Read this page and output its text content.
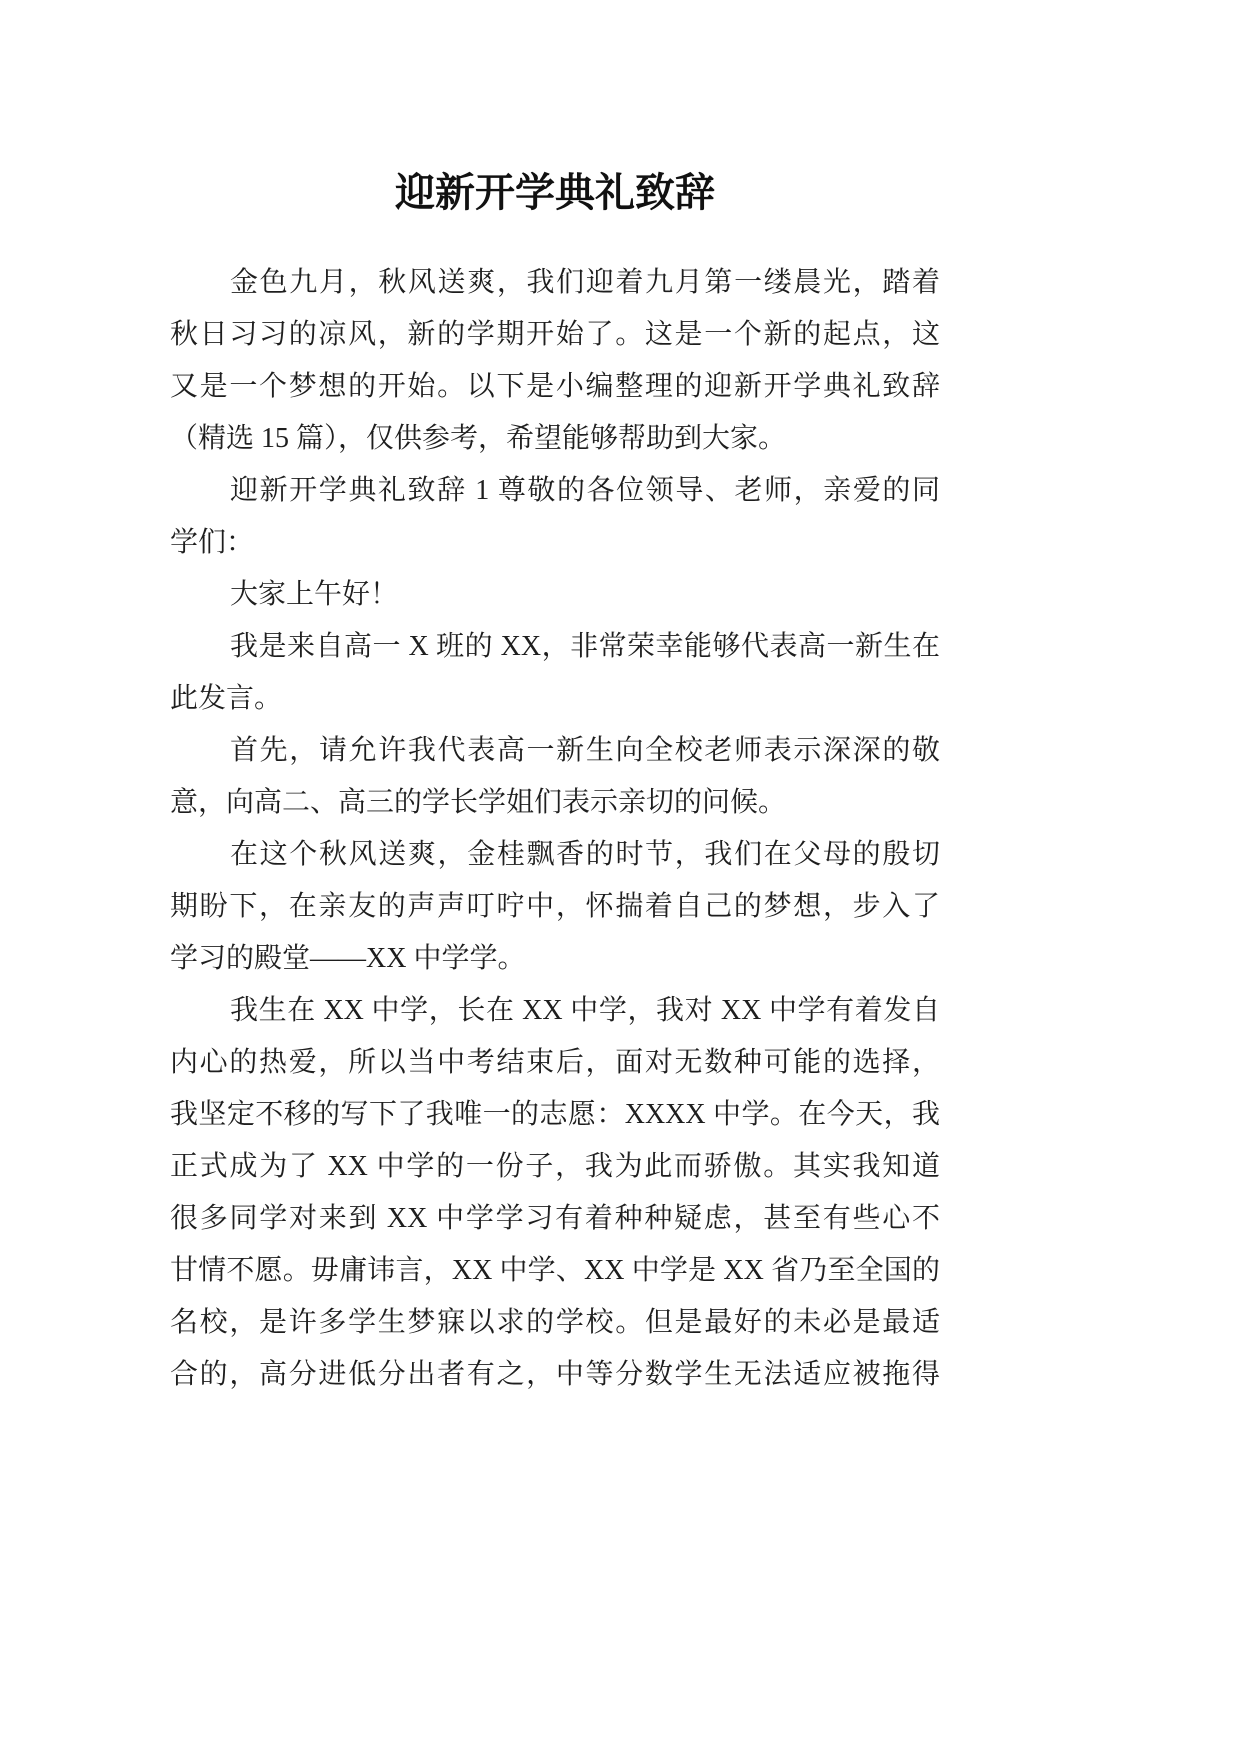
迎新开学典礼致辞
金色九月，秋风送爽，我们迎着九月第一缕晨光，踏着
秋日习习的凉风，新的学期开始了。这是一个新的起点，这
又是一个梦想的开始。以下是小编整理的迎新开学典礼致辞
（精选 15 篇），仅供参考，希望能够帮助到大家。
迎新开学典礼致辞 1 尊敬的各位领导、老师，亲爱的同
学们：
大家上午好！
我是来自高一 X 班的 XX，非常荣幸能够代表高一新生在
此发言。
首先，请允许我代表高一新生向全校老师表示深深的敬
意，向高二、高三的学长学姐们表示亲切的问候。
在这个秋风送爽，金桂飘香的时节，我们在父母的殷切
期盼下，在亲友的声声叮咛中，怀揣着自己的梦想，步入了
学习的殿堂——XX 中学学。
我生在 XX 中学，长在 XX 中学，我对 XX 中学有着发自
内心的热爱，所以当中考结束后，面对无数种可能的选择，
我坚定不移的写下了我唯一的志愿：XXXX 中学。在今天，我
正式成为了 XX 中学的一份子，我为此而骄傲。其实我知道
很多同学对来到 XX 中学学习有着种种疑虑，甚至有些心不
甘情不愿。毋庸讳言，XX 中学、XX 中学是 XX 省乃至全国的
名校，是许多学生梦寐以求的学校。但是最好的未必是最适
合的，高分进低分出者有之，中等分数学生无法适应被拖得
